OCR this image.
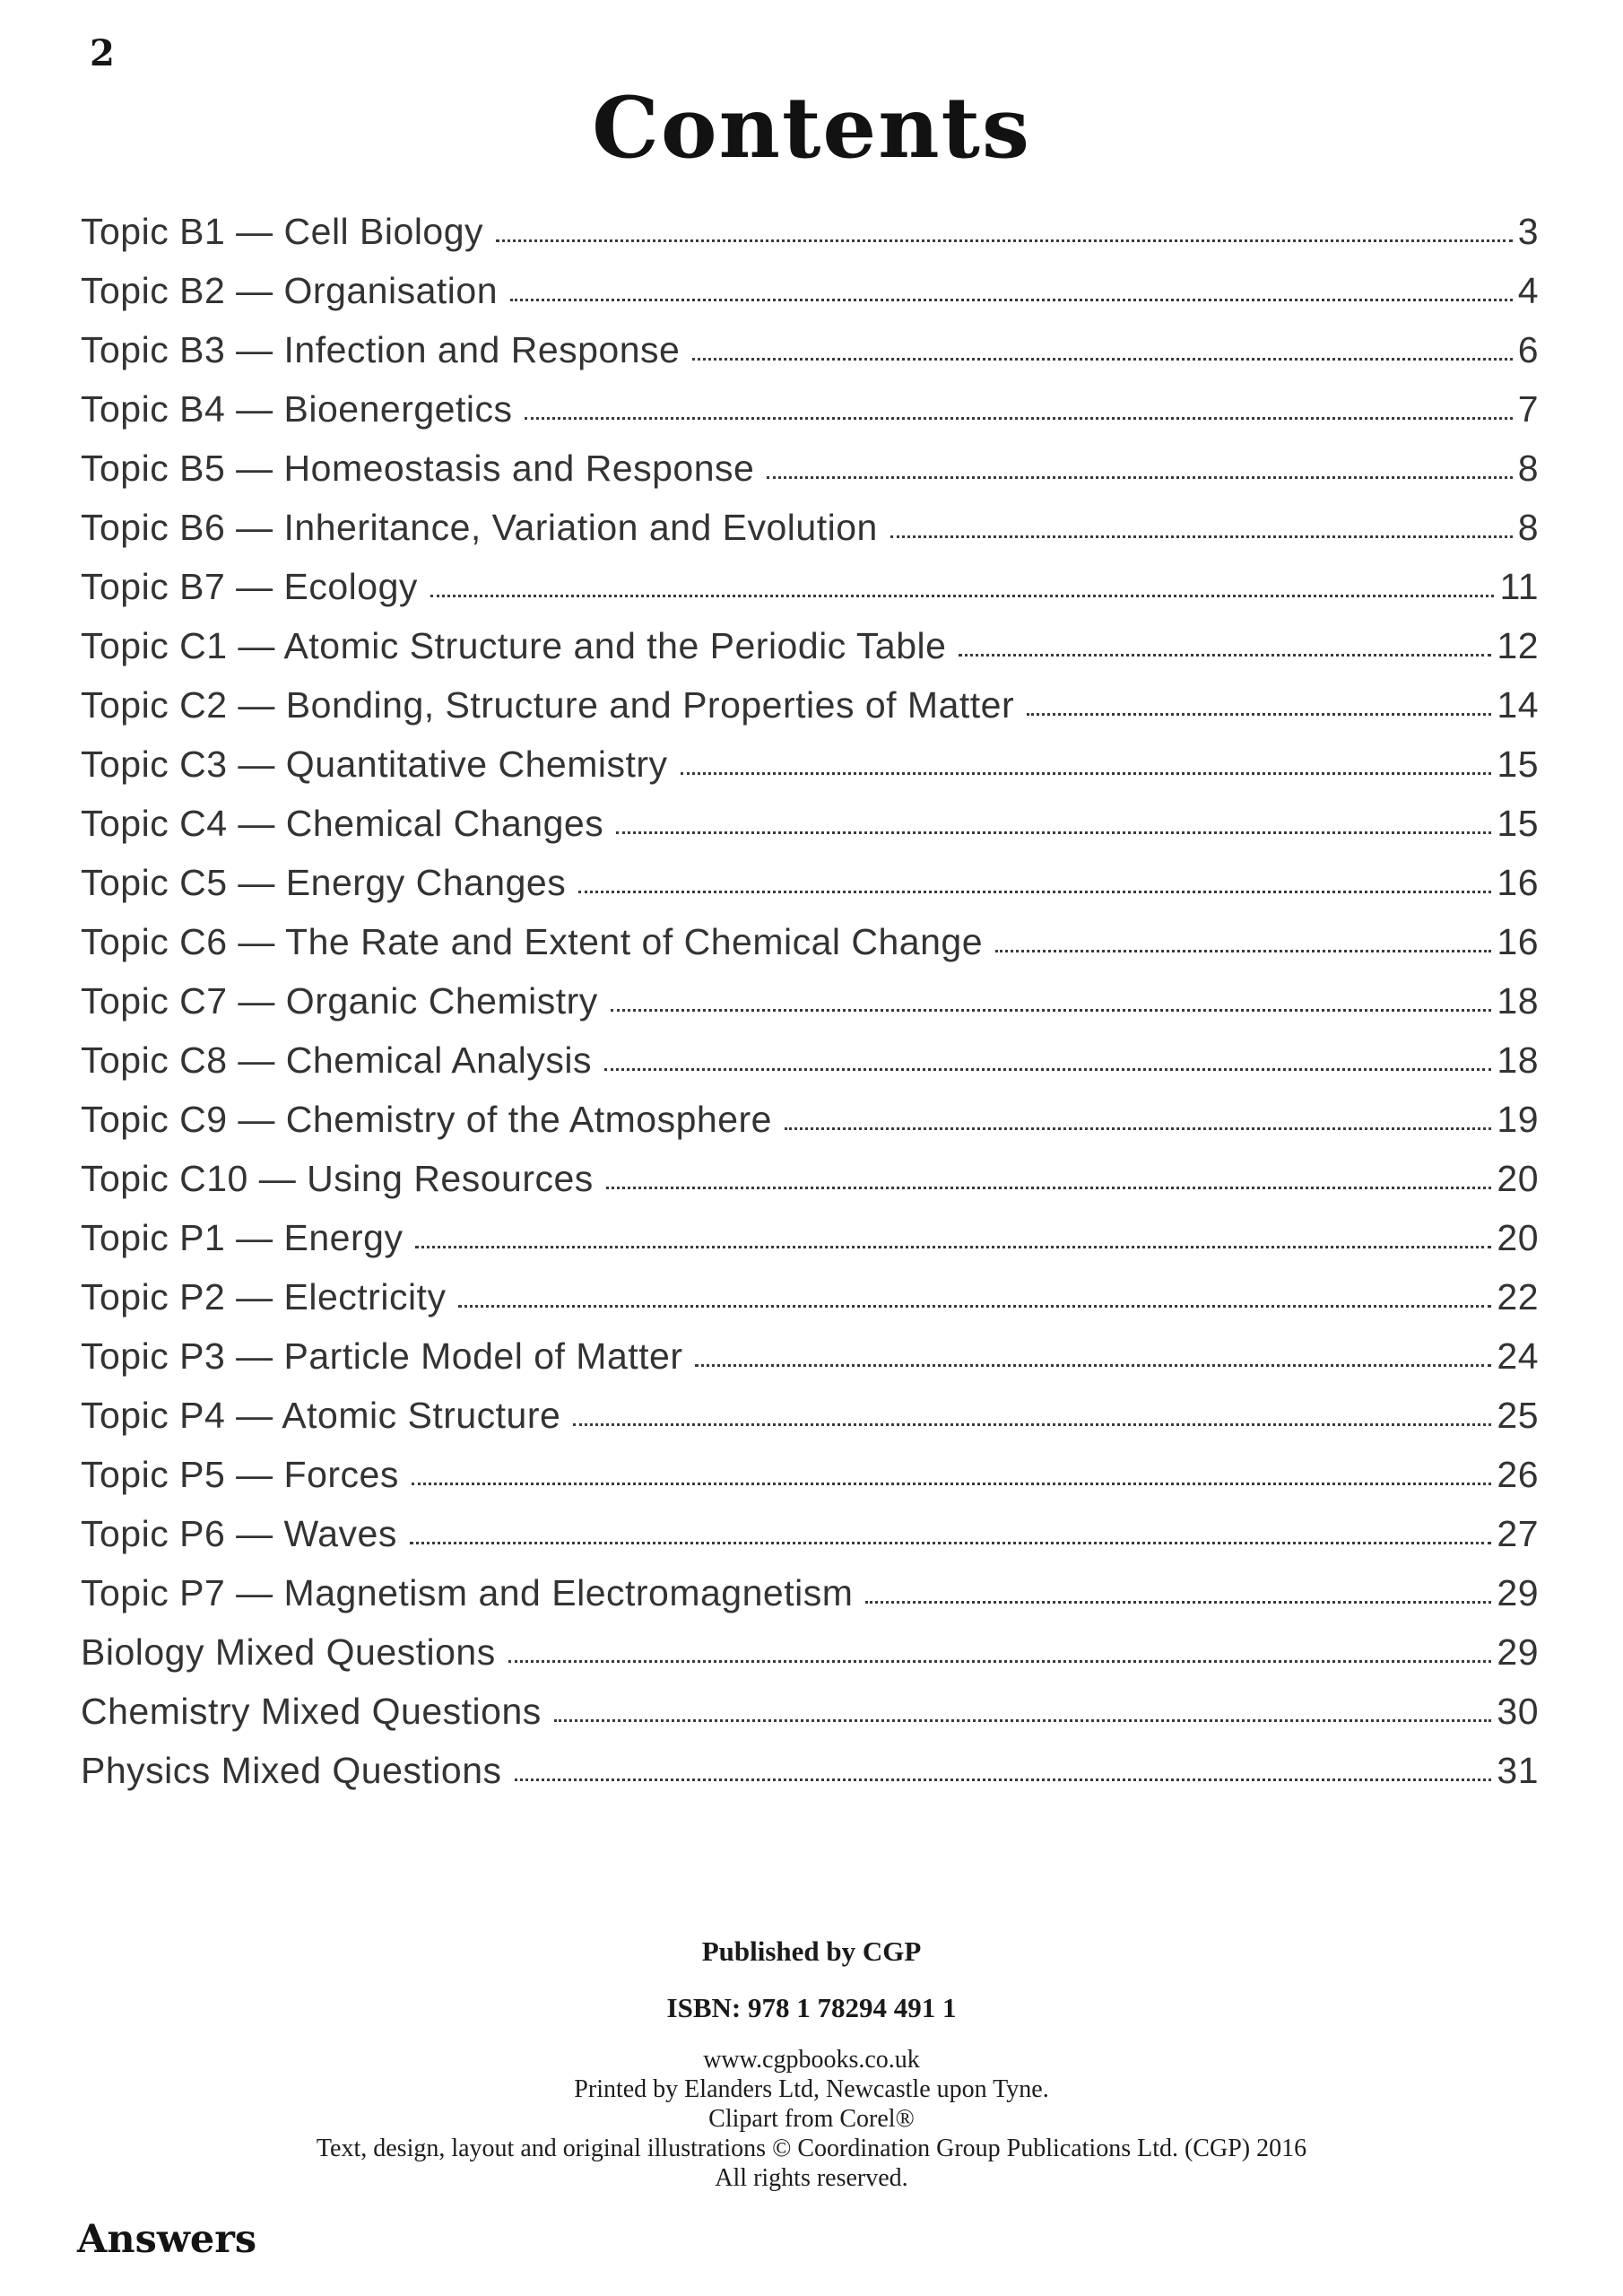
2
Contents
Topic B1 — Cell Biology	3
Topic B2 — Organisation	4
Topic B3 — Infection and Response	6
Topic B4 — Bioenergetics	7
Topic B5 — Homeostasis and Response	8
Topic B6 — Inheritance, Variation and Evolution	8
Topic B7 — Ecology	11
Topic C1 — Atomic Structure and the Periodic Table	12
Topic C2 — Bonding, Structure and Properties of Matter	14
Topic C3 — Quantitative Chemistry	15
Topic C4 — Chemical Changes	15
Topic C5 — Energy Changes	16
Topic C6 — The Rate and Extent of Chemical Change	16
Topic C7 — Organic Chemistry	18
Topic C8 — Chemical Analysis	18
Topic C9 — Chemistry of the Atmosphere	19
Topic C10 — Using Resources	20
Topic P1 — Energy	20
Topic P2 — Electricity	22
Topic P3 — Particle Model of Matter	24
Topic P4 — Atomic Structure	25
Topic P5 — Forces	26
Topic P6 — Waves	27
Topic P7 — Magnetism and Electromagnetism	29
Biology Mixed Questions	29
Chemistry Mixed Questions	30
Physics Mixed Questions	31
Published by CGP
ISBN: 978 1 78294 491 1
www.cgpbooks.co.uk
Printed by Elanders Ltd, Newcastle upon Tyne.
Clipart from Corel®
Text, design, layout and original illustrations © Coordination Group Publications Ltd. (CGP) 2016
All rights reserved.
Answers
